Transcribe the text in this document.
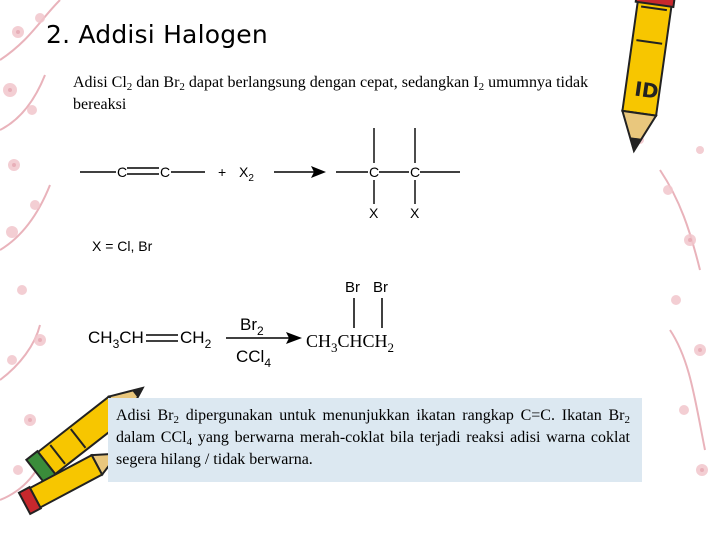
ID
2. Addisi Halogen
Adisi $Cl_2$ dan $Br_2$ dapat berlangsung dengan cepat, sedangkan $I_2$ umumnya tidak bereaksi
C C	+ $X_2$	C C
X X
$CH_3CH$ $CH_2$
$Br_2$
CCl$_4$
$CH_3CHCH_2$
Br Br
X = Cl, Br
Adisi $Br_2$ dipergunakan untuk menunjukkan ikatan rangkap C=C. Ikatan $Br_2$ dalam CCl$_4$ yang berwarna merah-coklat bila terjadi reaksi adisi warna coklat segera hilang / tidak berwarna.
